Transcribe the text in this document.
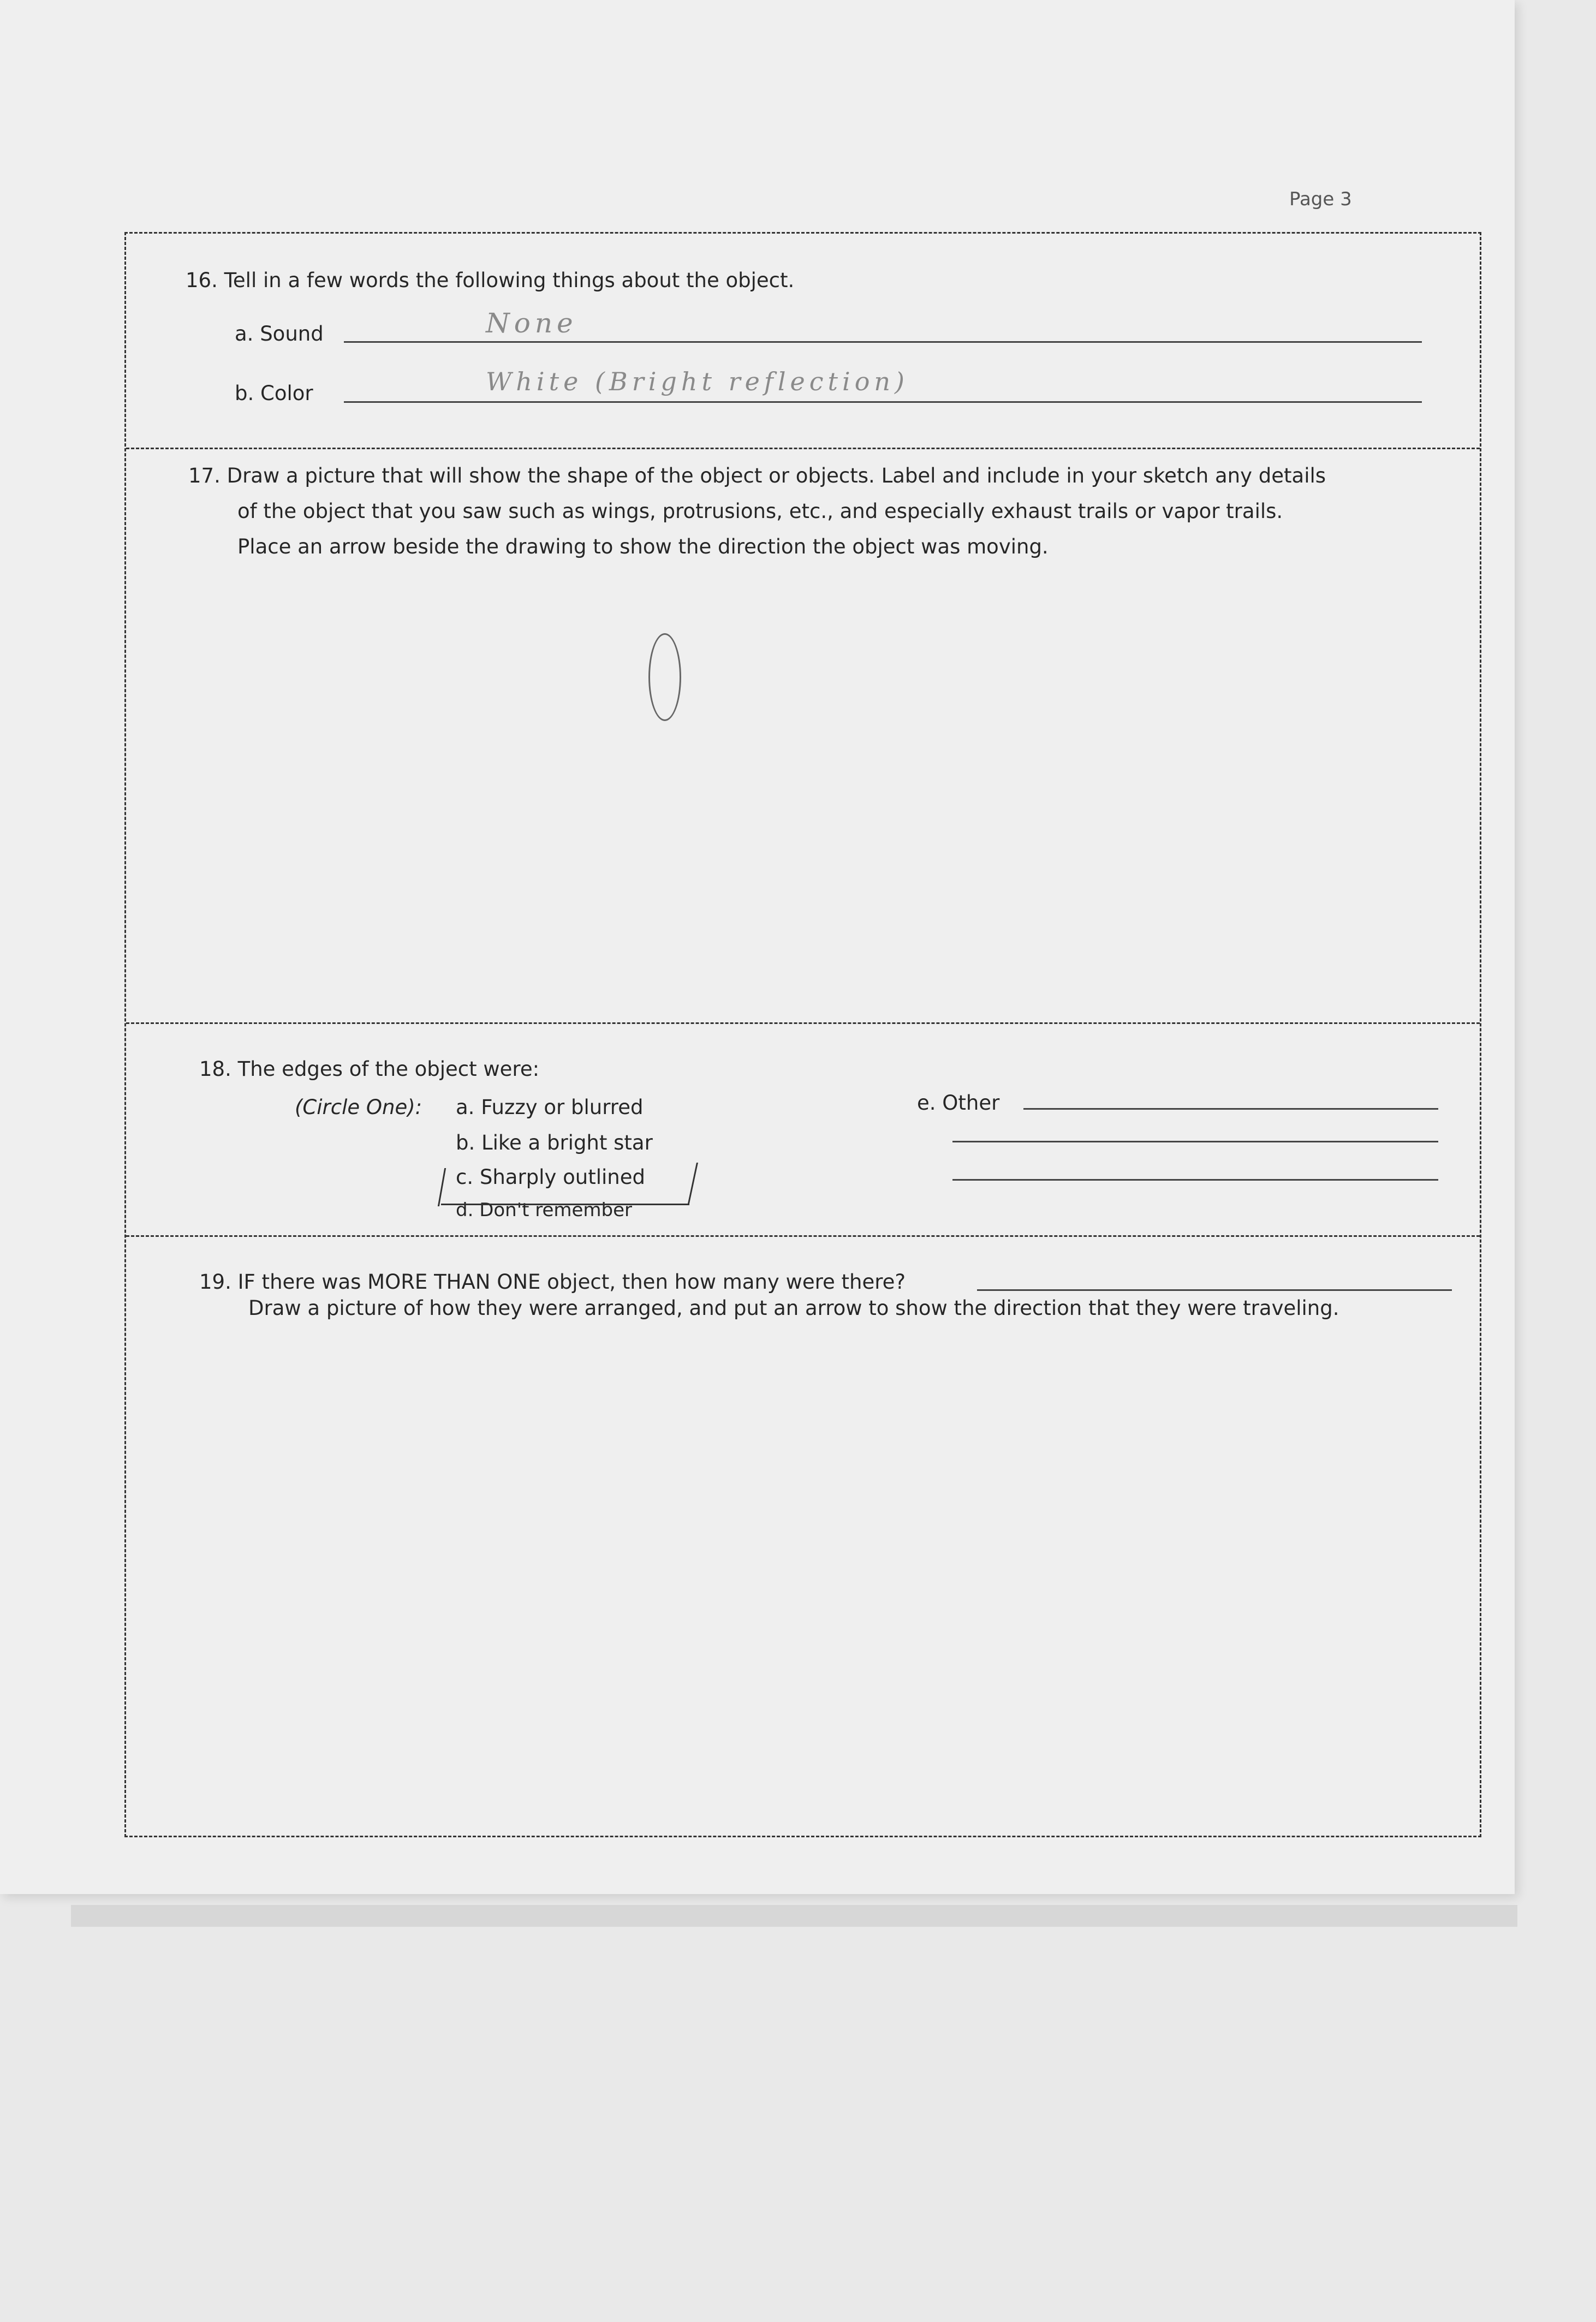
Page 3
16. Tell in a few words the following things about the object.
a. Sound	None
b. Color	White (Bright reflection)
17. Draw a picture that will show the shape of the object or objects. Label and include in your sketch any details
of the object that you saw such as wings, protrusions, etc., and especially exhaust trails or vapor trails.
Place an arrow beside the drawing to show the direction the object was moving.
18. The edges of the object were:
(Circle One): a. Fuzzy or blurred
b. Like a bright star
c. Sharply outlined
d. Don't remember
e. Other
19. IF there was MORE THAN ONE object, then how many were there?
Draw a picture of how they were arranged, and put an arrow to show the direction that they were traveling.
